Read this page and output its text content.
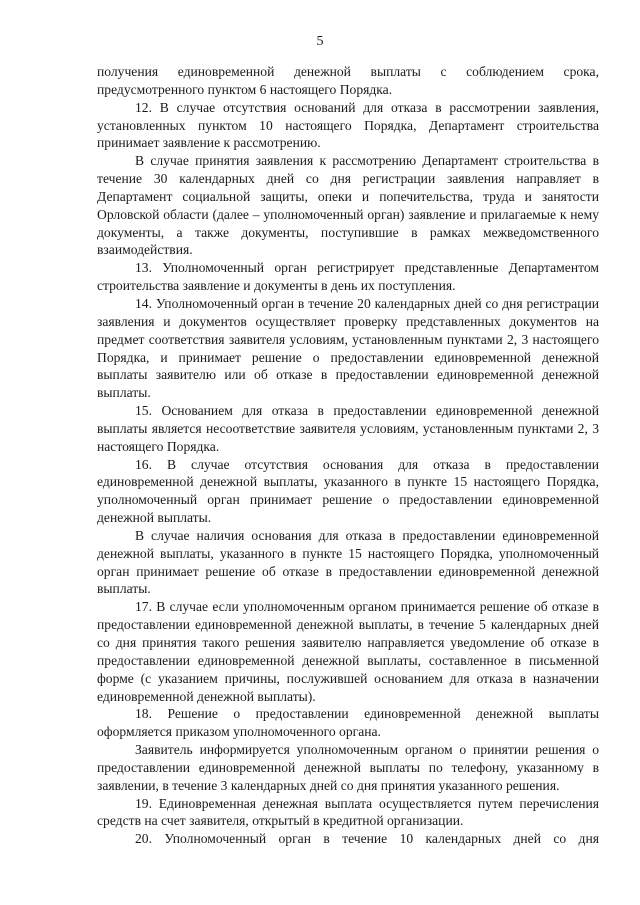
5

получения единовременной денежной выплаты с соблюдением срока, предусмотренного пунктом 6 настоящего Порядка.

12. В случае отсутствия оснований для отказа в рассмотрении заявления, установленных пунктом 10 настоящего Порядка, Департамент строительства принимает заявление к рассмотрению.

В случае принятия заявления к рассмотрению Департамент строительства в течение 30 календарных дней со дня регистрации заявления направляет в Департамент социальной защиты, опеки и попечительства, труда и занятости Орловской области (далее – уполномоченный орган) заявление и прилагаемые к нему документы, а также документы, поступившие в рамках межведомственного взаимодействия.

13. Уполномоченный орган регистрирует представленные Департаментом строительства заявление и документы в день их поступления.

14. Уполномоченный орган в течение 20 календарных дней со дня регистрации заявления и документов осуществляет проверку представленных документов на предмет соответствия заявителя условиям, установленным пунктами 2, 3 настоящего Порядка, и принимает решение о предоставлении единовременной денежной выплаты заявителю или об отказе в предоставлении единовременной денежной выплаты.

15. Основанием для отказа в предоставлении единовременной денежной выплаты является несоответствие заявителя условиям, установленным пунктами 2, 3 настоящего Порядка.

16. В случае отсутствия основания для отказа в предоставлении единовременной денежной выплаты, указанного в пункте 15 настоящего Порядка, уполномоченный орган принимает решение о предоставлении единовременной денежной выплаты.

В случае наличия основания для отказа в предоставлении единовременной денежной выплаты, указанного в пункте 15 настоящего Порядка, уполномоченный орган принимает решение об отказе в предоставлении единовременной денежной выплаты.

17. В случае если уполномоченным органом принимается решение об отказе в предоставлении единовременной денежной выплаты, в течение 5 календарных дней со дня принятия такого решения заявителю направляется уведомление об отказе в предоставлении единовременной денежной выплаты, составленное в письменной форме (с указанием причины, послужившей основанием для отказа в назначении единовременной денежной выплаты).

18. Решение о предоставлении единовременной денежной выплаты оформляется приказом уполномоченного органа.

Заявитель информируется уполномоченным органом о принятии решения о предоставлении единовременной денежной выплаты по телефону, указанному в заявлении, в течение 3 календарных дней со дня принятия указанного решения.

19. Единовременная денежная выплата осуществляется путем перечисления средств на счет заявителя, открытый в кредитной организации.

20. Уполномоченный орган в течение 10 календарных дней со дня
